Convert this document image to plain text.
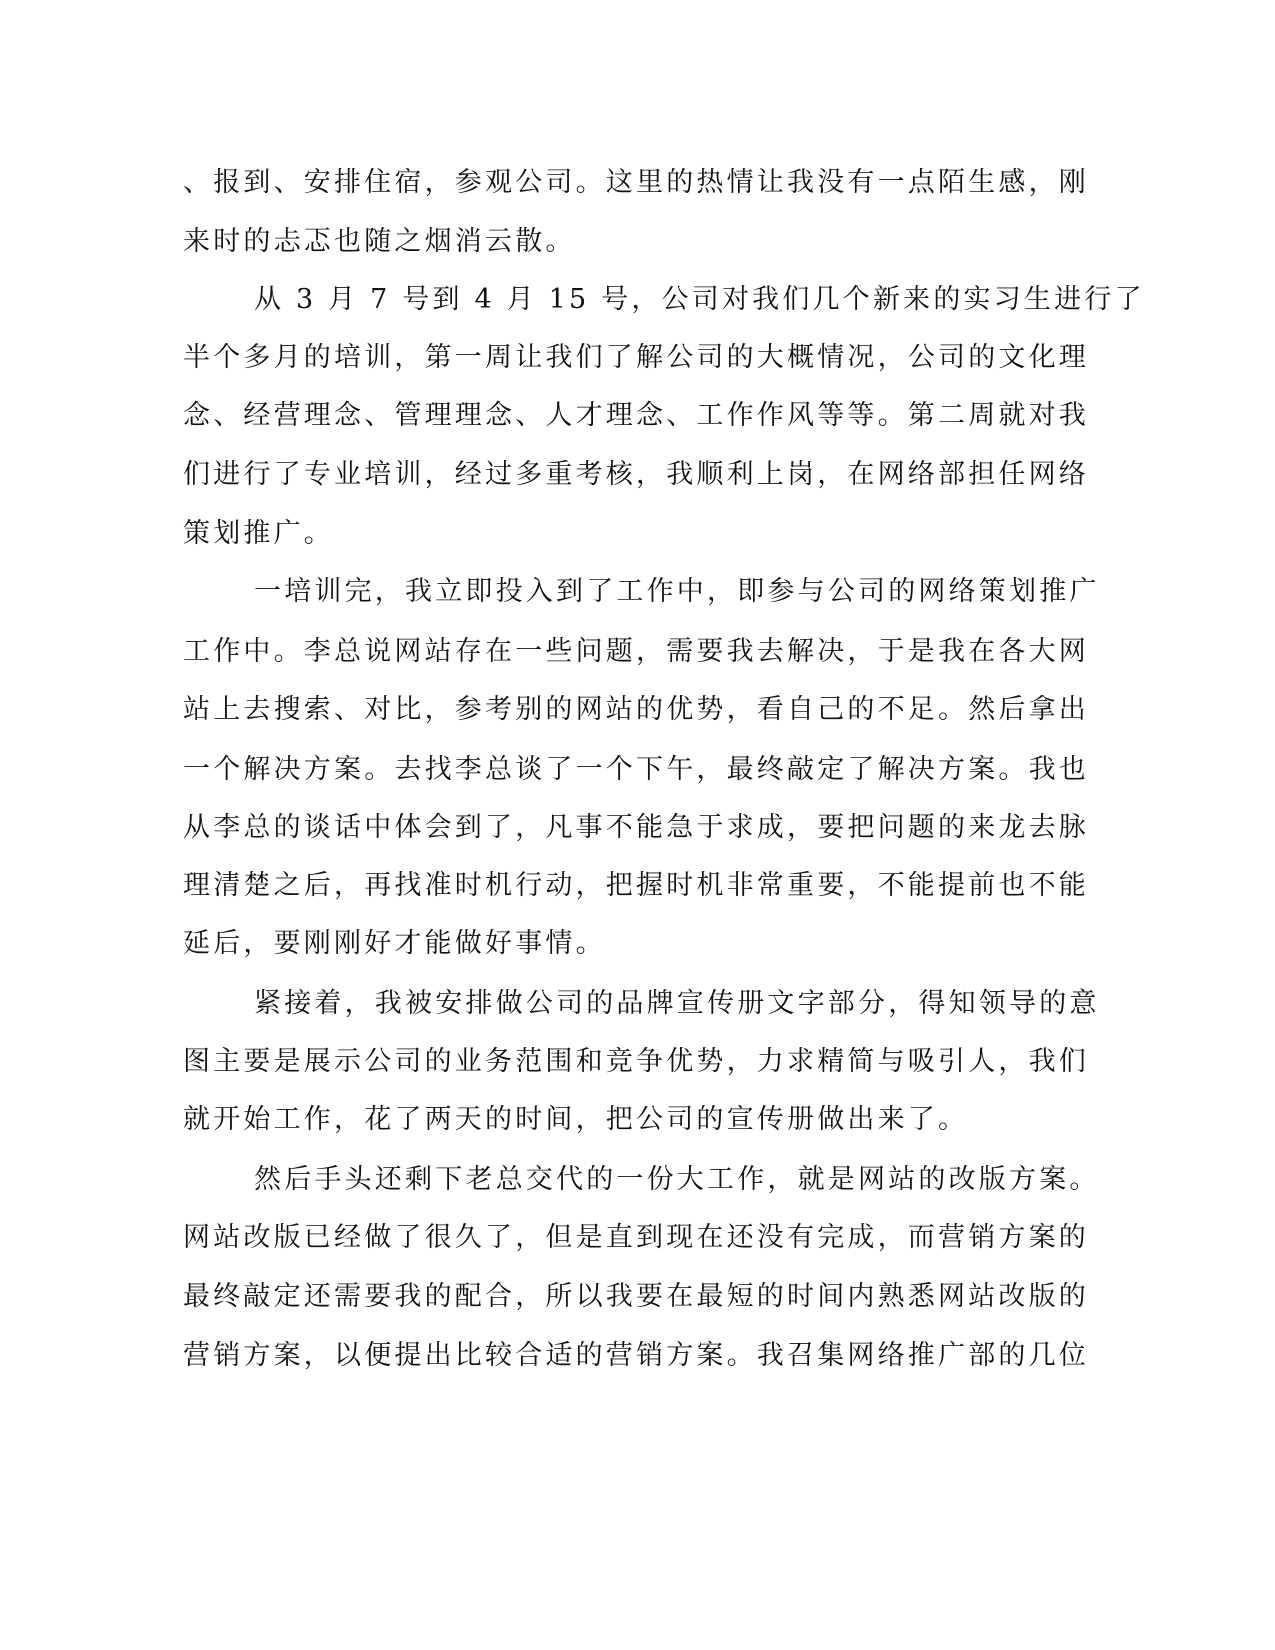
、报到、安排住宿，参观公司。这里的热情让我没有一点陌生感，刚

来时的忐忑也随之烟消云散。

从 3 月 7 号到 4 月 15 号，公司对我们几个新来的实习生进行了

半个多月的培训，第一周让我们了解公司的大概情况，公司的文化理

念、经营理念、管理理念、人才理念、工作作风等等。第二周就对我

们进行了专业培训，经过多重考核，我顺利上岗，在网络部担任网络

策划推广。

一培训完，我立即投入到了工作中，即参与公司的网络策划推广

工作中。李总说网站存在一些问题，需要我去解决，于是我在各大网

站上去搜索、对比，参考别的网站的优势，看自己的不足。然后拿出

一个解决方案。去找李总谈了一个下午，最终敲定了解决方案。我也

从李总的谈话中体会到了，凡事不能急于求成，要把问题的来龙去脉

理清楚之后，再找准时机行动，把握时机非常重要，不能提前也不能

延后，要刚刚好才能做好事情。

紧接着，我被安排做公司的品牌宣传册文字部分，得知领导的意

图主要是展示公司的业务范围和竞争优势，力求精简与吸引人，我们

就开始工作，花了两天的时间，把公司的宣传册做出来了。

然后手头还剩下老总交代的一份大工作，就是网站的改版方案。

网站改版已经做了很久了，但是直到现在还没有完成，而营销方案的

最终敲定还需要我的配合，所以我要在最短的时间内熟悉网站改版的

营销方案，以便提出比较合适的营销方案。我召集网络推广部的几位
